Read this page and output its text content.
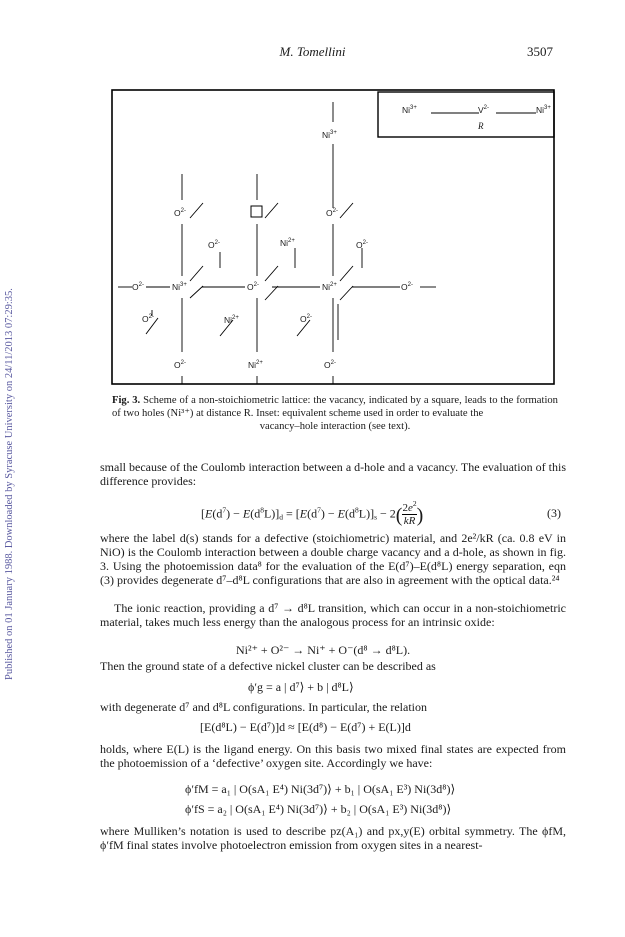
Published on 01 January 1988. Downloaded by Syracuse University on 24/11/2013 07:29:35.
M. Tomellini	3507
$Ni^{3+}$
$O^{2-}$	$O^{2-}$
$O^{2-}$	$Ni^{2+}$	$O^{2-}$
$O^{2-}$	$Ni^{3+}$	$O^{2-}$	$Ni^{2+}$	$O^{2-}$
$O^{2-}$	$Ni^{2+}$	$O^{2-}$
$O^{2-}$	$Ni^{2+}$	$O^{2-}$
$Ni^{3+}$	$V^{2-}$	$Ni^{3+}$
R
Fig. 3. Scheme of a non-stoichiometric lattice: the vacancy, indicated by a square, leads to the formation of two holes (Ni³⁺) at distance R. Inset: equivalent scheme used in order to evaluate the
vacancy–hole interaction (see text).
small because of the Coulomb interaction between a d-hole and a vacancy. The evaluation of this difference provides:
$[E(d^7) - E(d^8L)]_d = [E(d^7) - E(d^8L)]_s - 2( \frac{2e^2}{kR}$ )	(3)
where the label d(s) stands for a defective (stoichiometric) material, and 2e²/kR (ca. 0.8 eV in NiO) is the Coulomb interaction between a double charge vacancy and a d-hole, as shown in fig. 3. Using the photoemission data⁸ for the evaluation of the E(d⁷)–E(d⁸L) energy separation, eqn (3) provides degenerate d⁷–d⁸L configurations that are also in agreement with the optical data.²⁴
The ionic reaction, providing a d⁷ → d⁸L transition, which can occur in a non-stoichiometric material, takes much less energy than the analogous process for an intrinsic oxide:
Ni²⁺ + O²⁻ → Ni⁺ + O⁻(d⁸ → d⁸L).
Then the ground state of a defective nickel cluster can be described as
ϕ′g = a | d⁷⟩ + b | d⁸L⟩
with degenerate d⁷ and d⁸L configurations. In particular, the relation
[E(d⁸L) − E(d⁷)]d ≈ [E(d⁸) − E(d⁷) + E(L)]d
holds, where E(L) is the ligand energy. On this basis two mixed final states are expected from the photoemission of a ‘defective’ oxygen site. Accordingly we have:
ϕ′fM = a₁ | O(sA₁ E⁴) Ni(3d⁷)⟩ + b₁ | O(sA₁ E³) Ni(3d⁸)⟩
ϕ′fS = a₂ | O(sA₁ E⁴) Ni(3d⁷)⟩ + b₂ | O(sA₁ E³) Ni(3d⁸)⟩
where Mulliken’s notation is used to describe pz(A₁) and px,y(E) orbital symmetry. The ϕfM, ϕ′fM final states involve photoelectron emission from oxygen sites in a nearest-
